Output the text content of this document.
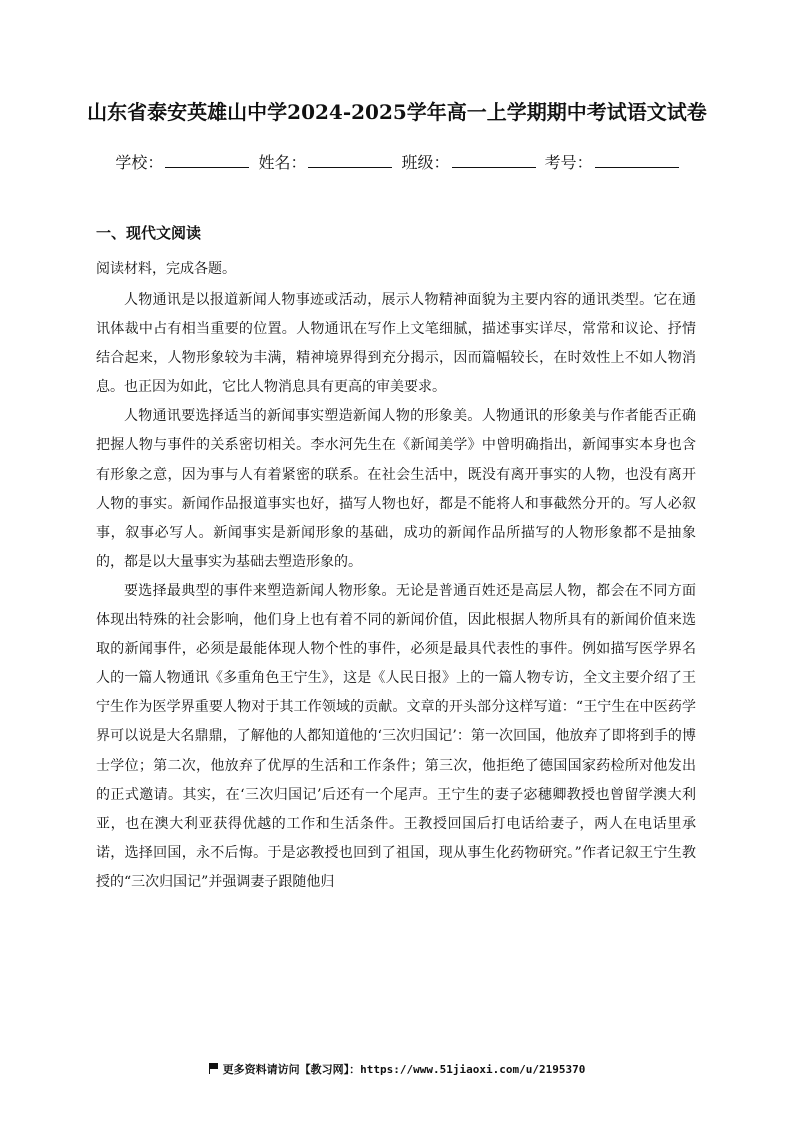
山东省泰安英雄山中学2024-2025学年高一上学期期中考试语文试卷
学校：	姓名：	班级：	考号：
一、现代文阅读
阅读材料，完成各题。

人物通讯是以报道新闻人物事迹或活动，展示人物精神面貌为主要内容的通讯类型。它在通讯体裁中占有相当重要的位置。人物通讯在写作上文笔细腻，描述事实详尽，常常和议论、抒情结合起来，人物形象较为丰满，精神境界得到充分揭示，因而篇幅较长，在时效性上不如人物消息。也正因为如此，它比人物消息具有更高的审美要求。

人物通讯要选择适当的新闻事实塑造新闻人物的形象美。人物通讯的形象美与作者能否正确把握人物与事件的关系密切相关。李水河先生在《新闻美学》中曾明确指出，新闻事实本身也含有形象之意，因为事与人有着紧密的联系。在社会生活中，既没有离开事实的人物，也没有离开人物的事实。新闻作品报道事实也好，描写人物也好，都是不能将人和事截然分开的。写人必叙事，叙事必写人。新闻事实是新闻形象的基础，成功的新闻作品所描写的人物形象都不是抽象的，都是以大量事实为基础去塑造形象的。

要选择最典型的事件来塑造新闻人物形象。无论是普通百姓还是高层人物，都会在不同方面体现出特殊的社会影响，他们身上也有着不同的新闻价值，因此根据人物所具有的新闻价值来选取的新闻事件，必须是最能体现人物个性的事件，必须是最具代表性的事件。例如描写医学界名人的一篇人物通讯《多重角色王宁生》，这是《人民日报》上的一篇人物专访，全文主要介绍了王宁生作为医学界重要人物对于其工作领域的贡献。文章的开头部分这样写道：“王宁生在中医药学界可以说是大名鼎鼎，了解他的人都知道他的‘三次归国记’：第一次回国，他放弃了即将到手的博士学位；第二次，他放弃了优厚的生活和工作条件；第三次，他拒绝了德国国家药检所对他发出的正式邀请。其实，在‘三次归国记’后还有一个尾声。王宁生的妻子宓穗卿教授也曾留学澳大利亚，也在澳大利亚获得优越的工作和生活条件。王教授回国后打电话给妻子，两人在电话里承诺，选择回国，永不后悔。于是宓教授也回到了祖国，现从事生化药物研究。”作者记叙王宁生教授的“三次归国记”并强调妻子跟随他归

更多资料请访问【教习网】：https://www.51jiaoxi.com/u/2195370
